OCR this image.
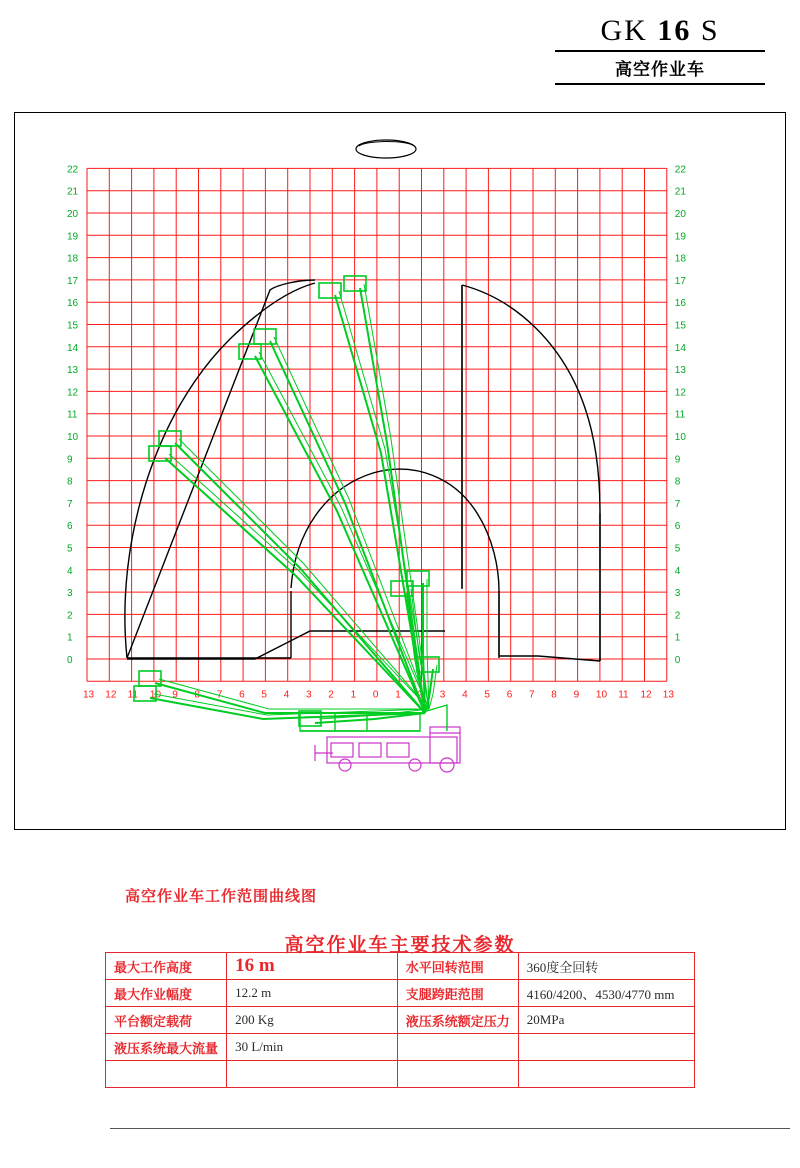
GK 16 S
高空作业车
22
21
20
19
18
17
16
15
14
13
12
11
10
9
8
7
6
5
4
3
2
1
0
22
21
20
19
18
17
16
15
14
13
12
11
10
9
8
7
6
5
4
3
2
1
0
13 12 11 10 9 8 7 6 5 4 3 2 1 0 1 2 3 4 5 6 7 8 9 10 11 12 13
高空作业车工作范围曲线图
高空作业车主要技术参数
最大工作高度	16 m	水平回转范围	360度全回转
最大作业幅度	12.2 m	支腿跨距范围	4160/4200、4530/4770 mm
平台额定载荷	200 Kg	液压系统额定压力	20MPa
液压系统最大流量	30 L/min		
